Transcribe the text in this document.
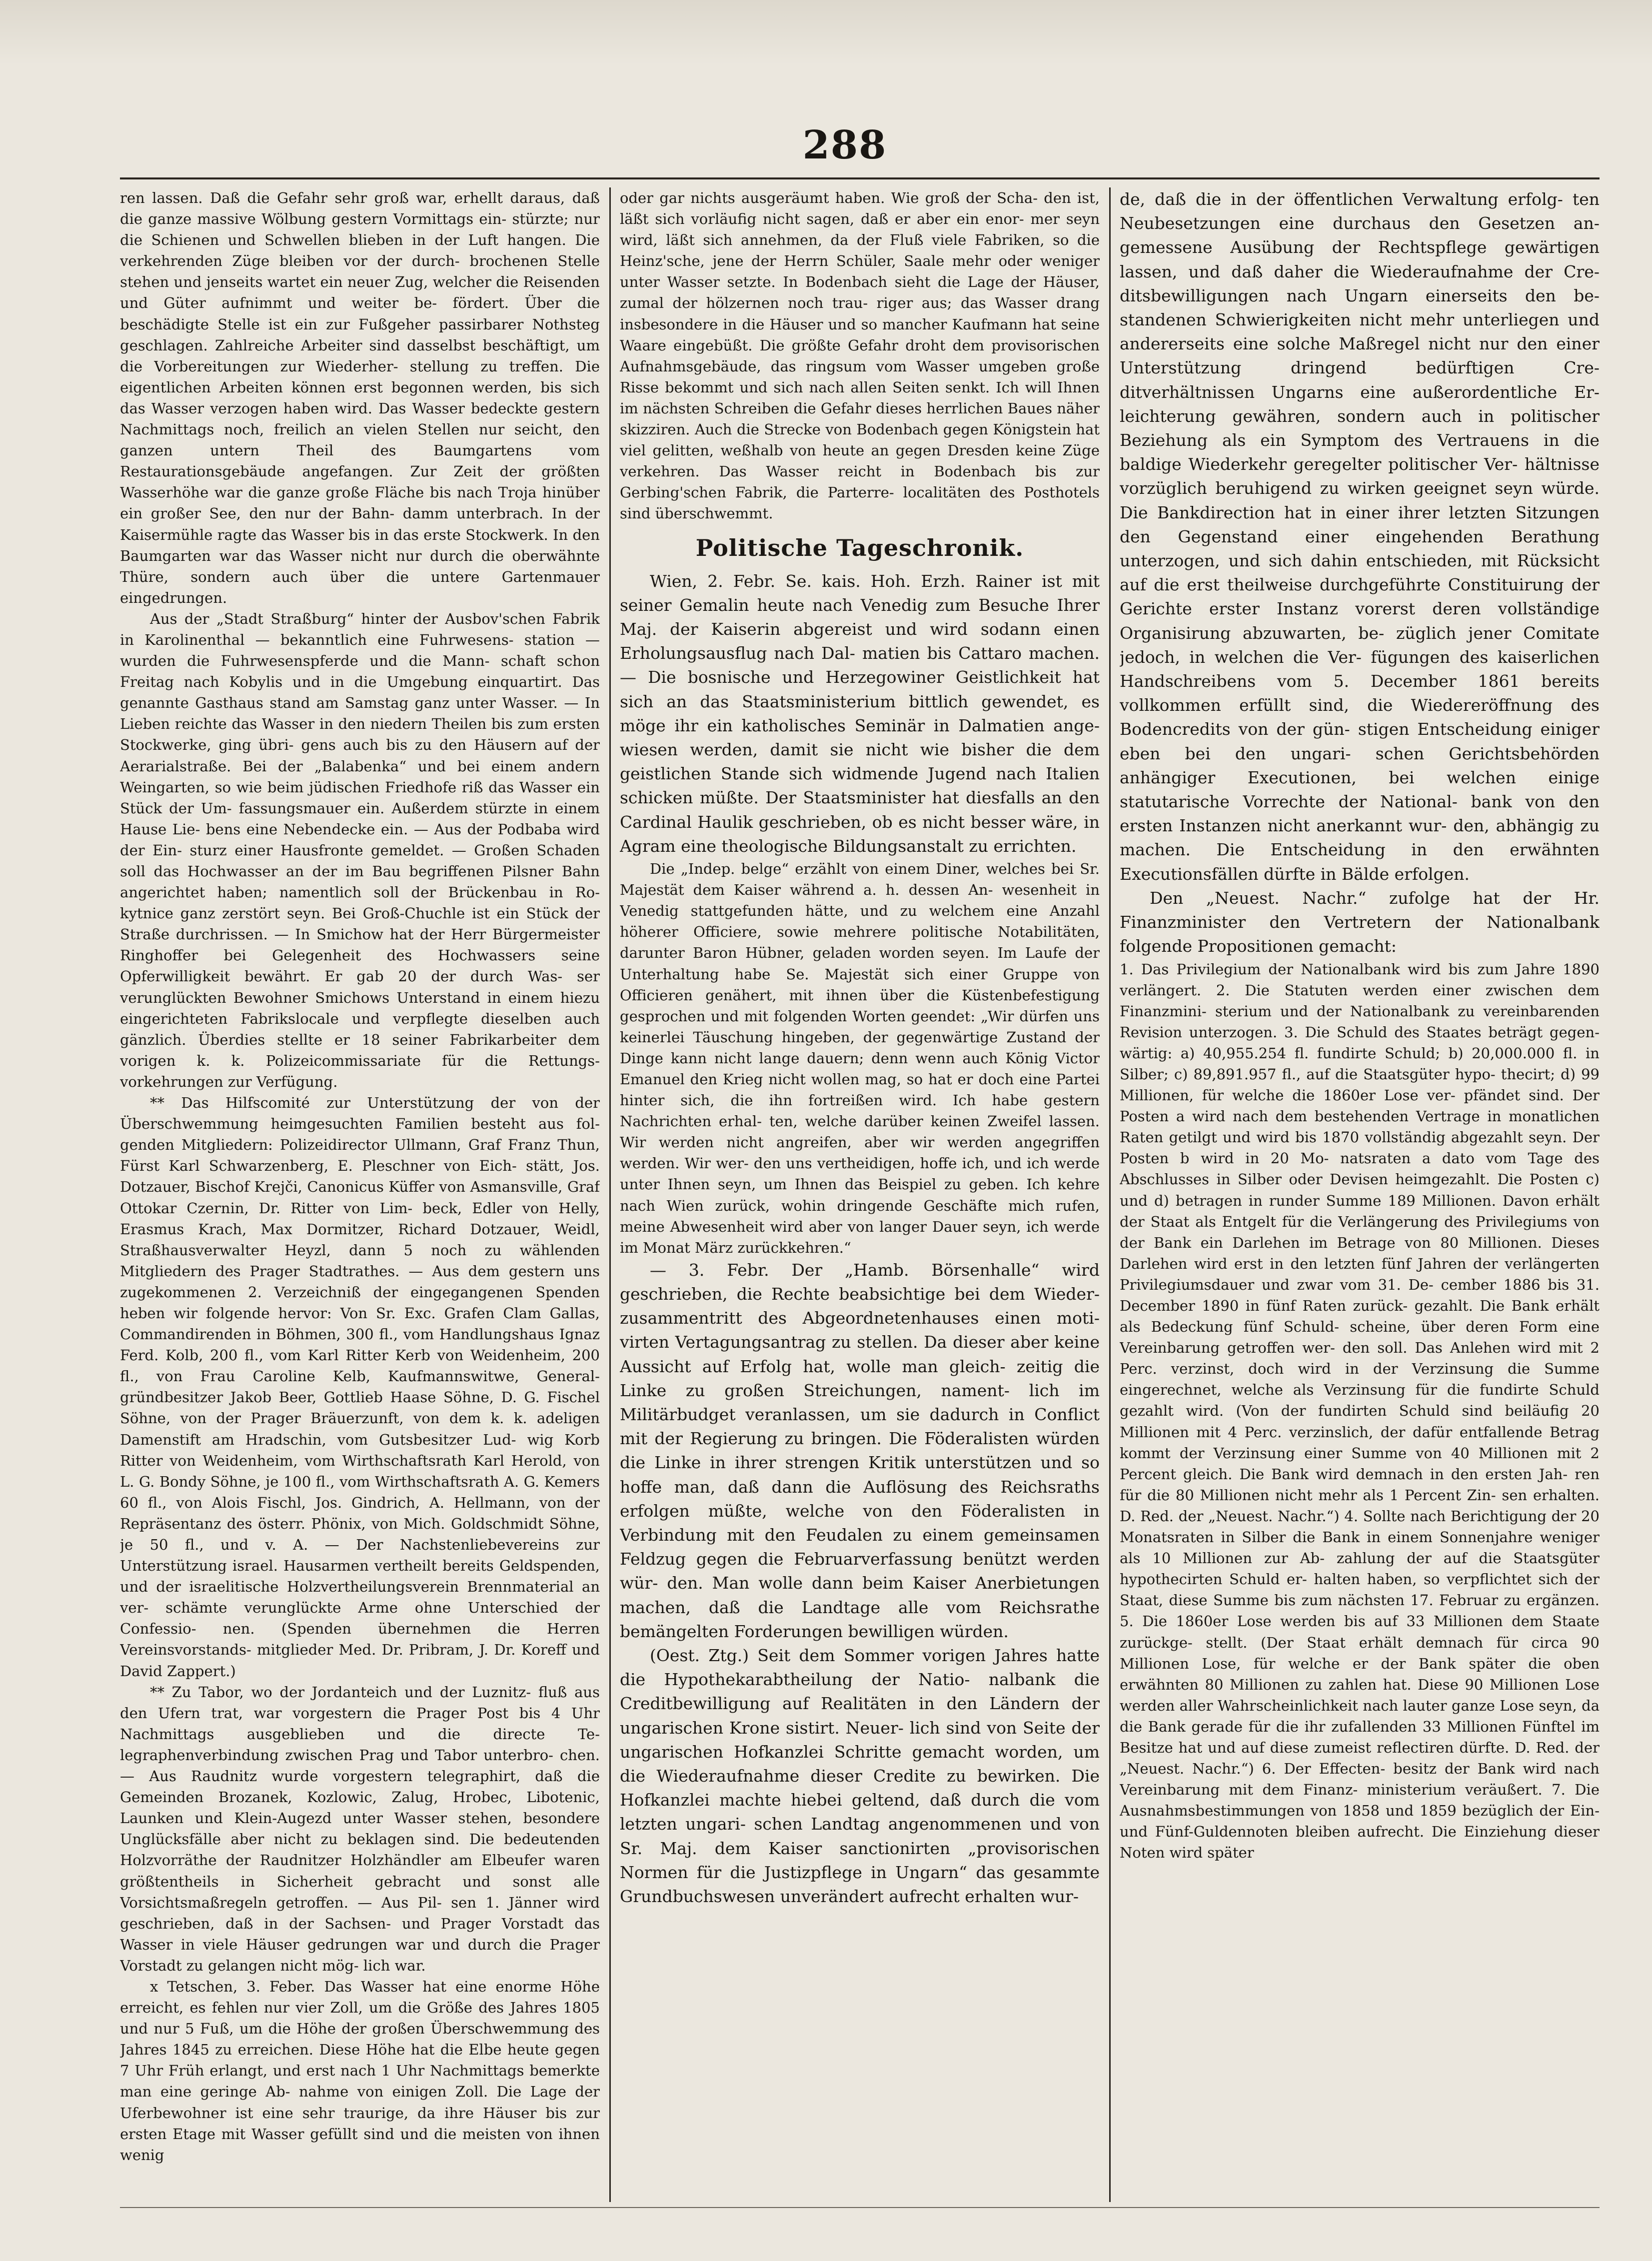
288

ren lassen. Daß die Gefahr sehr groß war, erhellt daraus, daß die ganze massive Wölbung gestern Vormittags ein- stürzte; nur die Schienen und Schwellen blieben in der Luft hangen. Die verkehrenden Züge bleiben vor der durch- brochenen Stelle stehen und jenseits wartet ein neuer Zug, welcher die Reisenden und Güter aufnimmt und weiter be- fördert. Über die beschädigte Stelle ist ein zur Fußgeher passirbarer Nothsteg geschlagen. Zahlreiche Arbeiter sind dasselbst beschäftigt, um die Vorbereitungen zur Wiederher- stellung zu treffen. Die eigentlichen Arbeiten können erst begonnen werden, bis sich das Wasser verzogen haben wird. Das Wasser bedeckte gestern Nachmittags noch, freilich an vielen Stellen nur seicht, den ganzen untern Theil des Baumgartens vom Restaurationsgebäude angefangen. Zur Zeit der größten Wasserhöhe war die ganze große Fläche bis nach Troja hinüber ein großer See, den nur der Bahn- damm unterbrach. In der Kaisermühle ragte das Wasser bis in das erste Stockwerk. In den Baumgarten war das Wasser nicht nur durch die oberwähnte Thüre, sondern auch über die untere Gartenmauer eingedrungen.

Aus der „Stadt Straßburg“ hinter der Ausbov'schen Fabrik in Karolinenthal — bekanntlich eine Fuhrwesens- station — wurden die Fuhrwesenspferde und die Mann- schaft schon Freitag nach Kobylis und in die Umgebung einquartirt. Das genannte Gasthaus stand am Samstag ganz unter Wasser. — In Lieben reichte das Wasser in den niedern Theilen bis zum ersten Stockwerke, ging übri- gens auch bis zu den Häusern auf der Aerarialstraße. Bei der „Balabenka“ und bei einem andern Weingarten, so wie beim jüdischen Friedhofe riß das Wasser ein Stück der Um- fassungsmauer ein. Außerdem stürzte in einem Hause Lie- bens eine Nebendecke ein. — Aus der Podbaba wird der Ein- sturz einer Hausfronte gemeldet. — Großen Schaden soll das Hochwasser an der im Bau begriffenen Pilsner Bahn angerichtet haben; namentlich soll der Brückenbau in Ro- kytnice ganz zerstört seyn. Bei Groß-Chuchle ist ein Stück der Straße durchrissen. — In Smichow hat der Herr Bürgermeister Ringhoffer bei Gelegenheit des Hochwassers seine Opferwilligkeit bewährt. Er gab 20 der durch Was- ser verunglückten Bewohner Smichows Unterstand in einem hiezu eingerichteten Fabrikslocale und verpflegte dieselben auch gänzlich. Überdies stellte er 18 seiner Fabrikarbeiter dem vorigen k. k. Polizeicommissariate für die Rettungs- vorkehrungen zur Verfügung.

** Das Hilfscomité zur Unterstützung der von der Überschwemmung heimgesuchten Familien besteht aus fol- genden Mitgliedern: Polizeidirector Ullmann, Graf Franz Thun, Fürst Karl Schwarzenberg, E. Pleschner von Eich- stätt, Jos. Dotzauer, Bischof Krejči, Canonicus Küffer von Asmansville, Graf Ottokar Czernin, Dr. Ritter von Lim- beck, Edler von Helly, Erasmus Krach, Max Dormitzer, Richard Dotzauer, Weidl, Straßhausverwalter Heyzl, dann 5 noch zu wählenden Mitgliedern des Prager Stadtrathes. — Aus dem gestern uns zugekommenen 2. Verzeichniß der eingegangenen Spenden heben wir folgende hervor: Von Sr. Exc. Grafen Clam Gallas, Commandirenden in Böhmen, 300 fl., vom Handlungshaus Ignaz Ferd. Kolb, 200 fl., vom Karl Ritter Kerb von Weidenheim, 200 fl., von Frau Caroline Kelb, Kaufmannswitwe, General- gründbesitzer Jakob Beer, Gottlieb Haase Söhne, D. G. Fischel Söhne, von der Prager Bräuerzunft, von dem k. k. adeligen Damenstift am Hradschin, vom Gutsbesitzer Lud- wig Korb Ritter von Weidenheim, vom Wirthschaftsrath Karl Herold, von L. G. Bondy Söhne, je 100 fl., vom Wirthschaftsrath A. G. Kemers 60 fl., von Alois Fischl, Jos. Gindrich, A. Hellmann, von der Repräsentanz des österr. Phönix, von Mich. Goldschmidt Söhne, je 50 fl., und v. A. — Der Nachstenliebevereins zur Unterstützung israel. Hausarmen vertheilt bereits Geldspenden, und der israelitische Holzvertheilungsverein Brennmaterial an ver- schämte verunglückte Arme ohne Unterschied der Confessio- nen. (Spenden übernehmen die Herren Vereinsvorstands- mitglieder Med. Dr. Pribram, J. Dr. Koreff und David Zappert.)

** Zu Tabor, wo der Jordanteich und der Luznitz- fluß aus den Ufern trat, war vorgestern die Prager Post bis 4 Uhr Nachmittags ausgeblieben und die directe Te- legraphenverbindung zwischen Prag und Tabor unterbro- chen. — Aus Raudnitz wurde vorgestern telegraphirt, daß die Gemeinden Brozanek, Kozlowic, Zalug, Hrobec, Libotenic, Launken und Klein-Augezd unter Wasser stehen, besondere Unglücksfälle aber nicht zu beklagen sind. Die bedeutenden Holzvorräthe der Raudnitzer Holzhändler am Elbeufer waren größtentheils in Sicherheit gebracht und sonst alle Vorsichtsmaßregeln getroffen. — Aus Pil- sen 1. Jänner wird geschrieben, daß in der Sachsen- und Prager Vorstadt das Wasser in viele Häuser gedrungen war und durch die Prager Vorstadt zu gelangen nicht mög- lich war.

x Tetschen, 3. Feber. Das Wasser hat eine enorme Höhe erreicht, es fehlen nur vier Zoll, um die Größe des Jahres 1805 und nur 5 Fuß, um die Höhe der großen Überschwemmung des Jahres 1845 zu erreichen. Diese Höhe hat die Elbe heute gegen 7 Uhr Früh erlangt, und erst nach 1 Uhr Nachmittags bemerkte man eine geringe Ab- nahme von einigen Zoll. Die Lage der Uferbewohner ist eine sehr traurige, da ihre Häuser bis zur ersten Etage mit Wasser gefüllt sind und die meisten von ihnen wenig

oder gar nichts ausgeräumt haben. Wie groß der Scha- den ist, läßt sich vorläufig nicht sagen, daß er aber ein enor- mer seyn wird, läßt sich annehmen, da der Fluß viele Fabriken, so die Heinz'sche, jene der Herrn Schüler, Saale mehr oder weniger unter Wasser setzte. In Bodenbach sieht die Lage der Häuser, zumal der hölzernen noch trau- riger aus; das Wasser drang insbesondere in die Häuser und so mancher Kaufmann hat seine Waare eingebüßt. Die größte Gefahr droht dem provisorischen Aufnahmsgebäude, das ringsum vom Wasser umgeben große Risse bekommt und sich nach allen Seiten senkt. Ich will Ihnen im nächsten Schreiben die Gefahr dieses herrlichen Baues näher skizziren. Auch die Strecke von Bodenbach gegen Königstein hat viel gelitten, weßhalb von heute an gegen Dresden keine Züge verkehren. Das Wasser reicht in Bodenbach bis zur Gerbing'schen Fabrik, die Parterre- localitäten des Posthotels sind überschwemmt.

Politische Tageschronik.

Wien, 2. Febr. Se. kais. Hoh. Erzh. Rainer ist mit seiner Gemalin heute nach Venedig zum Besuche Ihrer Maj. der Kaiserin abgereist und wird sodann einen Erholungsausflug nach Dal- matien bis Cattaro machen. — Die bosnische und Herzegowiner Geistlichkeit hat sich an das Staatsministerium bittlich gewendet, es möge ihr ein katholisches Seminär in Dalmatien ange- wiesen werden, damit sie nicht wie bisher die dem geistlichen Stande sich widmende Jugend nach Italien schicken müßte. Der Staatsminister hat diesfalls an den Cardinal Haulik geschrieben, ob es nicht besser wäre, in Agram eine theologische Bildungsanstalt zu errichten.

Die „Indep. belge“ erzählt von einem Diner, welches bei Sr. Majestät dem Kaiser während a. h. dessen An- wesenheit in Venedig stattgefunden hätte, und zu welchem eine Anzahl höherer Officiere, sowie mehrere politische Notabilitäten, darunter Baron Hübner, geladen worden seyen. Im Laufe der Unterhaltung habe Se. Majestät sich einer Gruppe von Officieren genähert, mit ihnen über die Küstenbefestigung gesprochen und mit folgenden Worten geendet: „Wir dürfen uns keinerlei Täuschung hingeben, der gegenwärtige Zustand der Dinge kann nicht lange dauern; denn wenn auch König Victor Emanuel den Krieg nicht wollen mag, so hat er doch eine Partei hinter sich, die ihn fortreißen wird. Ich habe gestern Nachrichten erhal- ten, welche darüber keinen Zweifel lassen. Wir werden nicht angreifen, aber wir werden angegriffen werden. Wir wer- den uns vertheidigen, hoffe ich, und ich werde unter Ihnen seyn, um Ihnen das Beispiel zu geben. Ich kehre nach Wien zurück, wohin dringende Geschäfte mich rufen, meine Abwesenheit wird aber von langer Dauer seyn, ich werde im Monat März zurückkehren.“

— 3. Febr. Der „Hamb. Börsenhalle“ wird geschrieben, die Rechte beabsichtige bei dem Wieder- zusammentritt des Abgeordnetenhauses einen moti- virten Vertagungsantrag zu stellen. Da dieser aber keine Aussicht auf Erfolg hat, wolle man gleich- zeitig die Linke zu großen Streichungen, nament- lich im Militärbudget veranlassen, um sie dadurch in Conflict mit der Regierung zu bringen. Die Föderalisten würden die Linke in ihrer strengen Kritik unterstützen und so hoffe man, daß dann die Auflösung des Reichsraths erfolgen müßte, welche von den Föderalisten in Verbindung mit den Feudalen zu einem gemeinsamen Feldzug gegen die Februarverfassung benützt werden wür- den. Man wolle dann beim Kaiser Anerbietungen machen, daß die Landtage alle vom Reichsrathe bemängelten Forderungen bewilligen würden.

(Oest. Ztg.) Seit dem Sommer vorigen Jahres hatte die Hypothekarabtheilung der Natio- nalbank die Creditbewilligung auf Realitäten in den Ländern der ungarischen Krone sistirt. Neuer- lich sind von Seite der ungarischen Hofkanzlei Schritte gemacht worden, um die Wiederaufnahme dieser Credite zu bewirken. Die Hofkanzlei machte hiebei geltend, daß durch die vom letzten ungari- schen Landtag angenommenen und von Sr. Maj. dem Kaiser sanctionirten „provisorischen Normen für die Justizpflege in Ungarn“ das gesammte Grundbuchswesen unverändert aufrecht erhalten wur-

de, daß die in der öffentlichen Verwaltung erfolg- ten Neubesetzungen eine durchaus den Gesetzen an- gemessene Ausübung der Rechtspflege gewärtigen lassen, und daß daher die Wiederaufnahme der Cre- ditsbewilligungen nach Ungarn einerseits den be- standenen Schwierigkeiten nicht mehr unterliegen und andererseits eine solche Maßregel nicht nur den einer Unterstützung dringend bedürftigen Cre- ditverhältnissen Ungarns eine außerordentliche Er- leichterung gewähren, sondern auch in politischer Beziehung als ein Symptom des Vertrauens in die baldige Wiederkehr geregelter politischer Ver- hältnisse vorzüglich beruhigend zu wirken geeignet seyn würde. Die Bankdirection hat in einer ihrer letzten Sitzungen den Gegenstand einer eingehenden Berathung unterzogen, und sich dahin entschieden, mit Rücksicht auf die erst theilweise durchgeführte Constituirung der Gerichte erster Instanz vorerst deren vollständige Organisirung abzuwarten, be- züglich jener Comitate jedoch, in welchen die Ver- fügungen des kaiserlichen Handschreibens vom 5. December 1861 bereits vollkommen erfüllt sind, die Wiedereröffnung des Bodencredits von der gün- stigen Entscheidung einiger eben bei den ungari- schen Gerichtsbehörden anhängiger Executionen, bei welchen einige statutarische Vorrechte der National- bank von den ersten Instanzen nicht anerkannt wur- den, abhängig zu machen. Die Entscheidung in den erwähnten Executionsfällen dürfte in Bälde erfolgen.

Den „Neuest. Nachr.“ zufolge hat der Hr. Finanzminister den Vertretern der Nationalbank folgende Propositionen gemacht:

1. Das Privilegium der Nationalbank wird bis zum Jahre 1890 verlängert. 2. Die Statuten werden einer zwischen dem Finanzmini- sterium und der Nationalbank zu vereinbarenden Revision unterzogen. 3. Die Schuld des Staates beträgt gegen- wärtig: a) 40,955.254 fl. fundirte Schuld; b) 20,000.000 fl. in Silber; c) 89,891.957 fl., auf die Staatsgüter hypo- thecirt; d) 99 Millionen, für welche die 1860er Lose ver- pfändet sind. Der Posten a wird nach dem bestehenden Vertrage in monatlichen Raten getilgt und wird bis 1870 vollständig abgezahlt seyn. Der Posten b wird in 20 Mo- natsraten a dato vom Tage des Abschlusses in Silber oder Devisen heimgezahlt. Die Posten c) und d) betragen in runder Summe 189 Millionen. Davon erhält der Staat als Entgelt für die Verlängerung des Privilegiums von der Bank ein Darlehen im Betrage von 80 Millionen. Dieses Darlehen wird erst in den letzten fünf Jahren der verlängerten Privilegiumsdauer und zwar vom 31. De- cember 1886 bis 31. December 1890 in fünf Raten zurück- gezahlt. Die Bank erhält als Bedeckung fünf Schuld- scheine, über deren Form eine Vereinbarung getroffen wer- den soll. Das Anlehen wird mit 2 Perc. verzinst, doch wird in der Verzinsung die Summe eingerechnet, welche als Verzinsung für die fundirte Schuld gezahlt wird. (Von der fundirten Schuld sind beiläufig 20 Millionen mit 4 Perc. verzinslich, der dafür entfallende Betrag kommt der Verzinsung einer Summe von 40 Millionen mit 2 Percent gleich. Die Bank wird demnach in den ersten Jah- ren für die 80 Millionen nicht mehr als 1 Percent Zin- sen erhalten. D. Red. der „Neuest. Nachr.“) 4. Sollte nach Berichtigung der 20 Monatsraten in Silber die Bank in einem Sonnenjahre weniger als 10 Millionen zur Ab- zahlung der auf die Staatsgüter hypothecirten Schuld er- halten haben, so verpflichtet sich der Staat, diese Summe bis zum nächsten 17. Februar zu ergänzen. 5. Die 1860er Lose werden bis auf 33 Millionen dem Staate zurückge- stellt. (Der Staat erhält demnach für circa 90 Millionen Lose, für welche er der Bank später die oben erwähnten 80 Millionen zu zahlen hat. Diese 90 Millionen Lose werden aller Wahrscheinlichkeit nach lauter ganze Lose seyn, da die Bank gerade für die ihr zufallenden 33 Millionen Fünftel im Besitze hat und auf diese zumeist reflectiren dürfte. D. Red. der „Neuest. Nachr.“) 6. Der Effecten- besitz der Bank wird nach Vereinbarung mit dem Finanz- ministerium veräußert. 7. Die Ausnahmsbestimmungen von 1858 und 1859 bezüglich der Ein- und Fünf-Guldennoten bleiben aufrecht. Die Einziehung dieser Noten wird später
